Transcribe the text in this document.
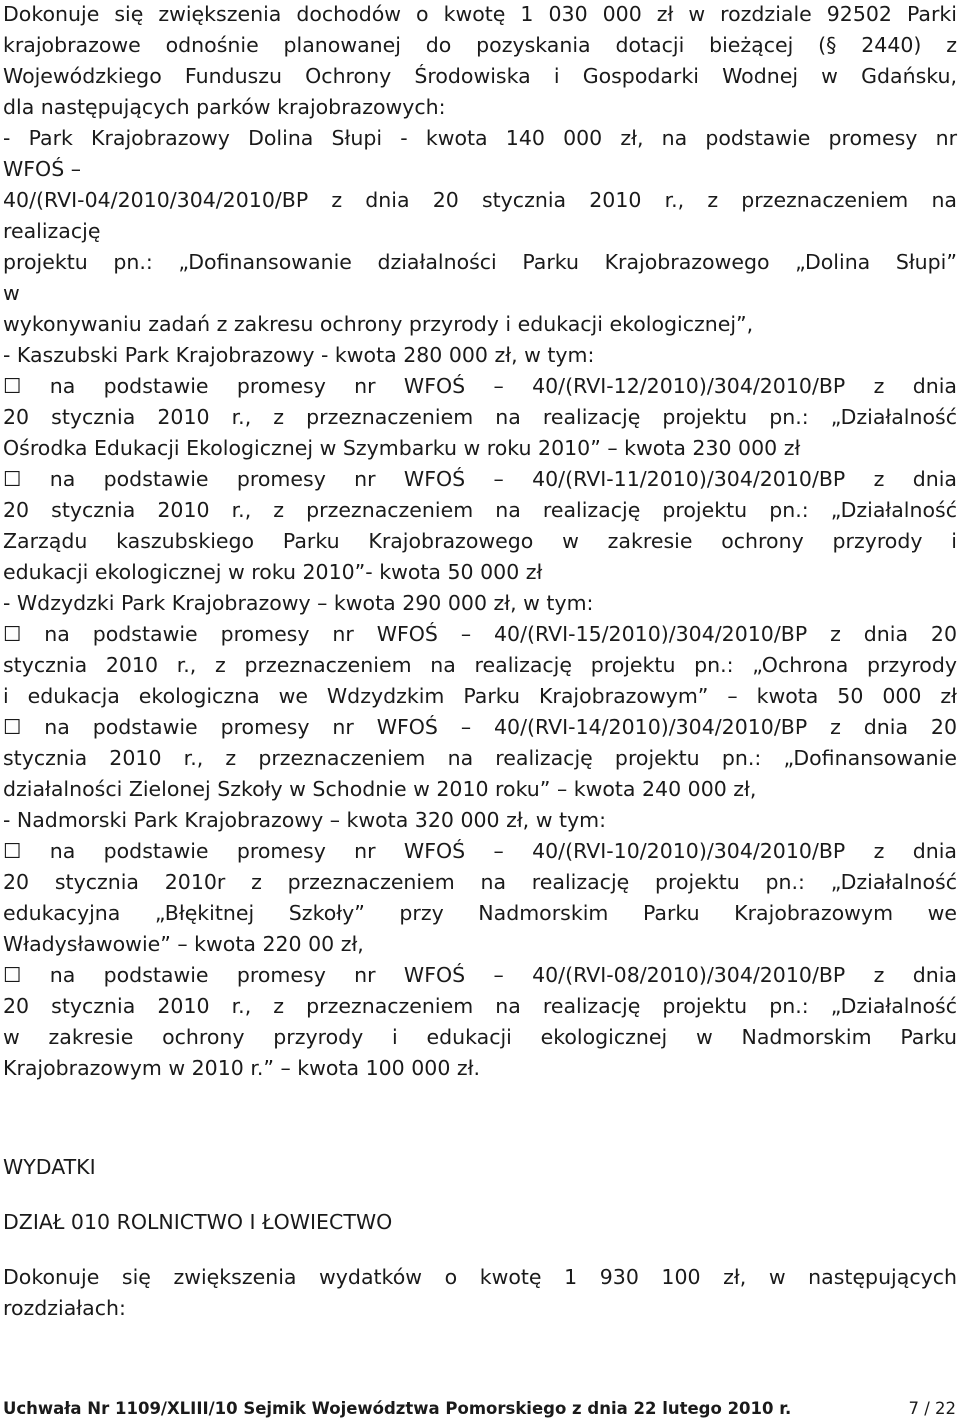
Dokonuje się zwiększenia dochodów o kwotę 1 030 000 zł w rozdziale 92502 Parki
krajobrazowe odnośnie planowanej do pozyskania dotacji bieżącej (§ 2440) z
Wojewódzkiego Funduszu Ochrony Środowiska i Gospodarki Wodnej w Gdańsku,
dla następujących parków krajobrazowych:
- Park Krajobrazowy Dolina Słupi - kwota 140 000 zł, na podstawie promesy nr
WFOŚ –
40/(RVI-04/2010/304/2010/BP z dnia 20 stycznia 2010 r., z przeznaczeniem na
realizację
projektu pn.: „Dofinansowanie działalności Parku Krajobrazowego „Dolina Słupi”
w
wykonywaniu zadań z zakresu ochrony przyrody i edukacji ekologicznej”,
- Kaszubski Park Krajobrazowy - kwota 280 000 zł, w tym:
☐ na podstawie promesy nr WFOŚ – 40/(RVI-12/2010)/304/2010/BP z dnia
20 stycznia 2010 r., z przeznaczeniem na realizację projektu pn.: „Działalność
Ośrodka Edukacji Ekologicznej w Szymbarku w roku 2010” – kwota 230 000 zł
☐ na podstawie promesy nr WFOŚ – 40/(RVI-11/2010)/304/2010/BP z dnia
20 stycznia 2010 r., z przeznaczeniem na realizację projektu pn.: „Działalność
Zarządu kaszubskiego Parku Krajobrazowego w zakresie ochrony przyrody i
edukacji ekologicznej w roku 2010”- kwota 50 000 zł
- Wdzydzki Park Krajobrazowy – kwota 290 000 zł, w tym:
☐ na podstawie promesy nr WFOŚ – 40/(RVI-15/2010)/304/2010/BP z dnia 20
stycznia 2010 r., z przeznaczeniem na realizację projektu pn.: „Ochrona przyrody
i edukacja ekologiczna we Wdzydzkim Parku Krajobrazowym” – kwota 50 000 zł
☐ na podstawie promesy nr WFOŚ – 40/(RVI-14/2010)/304/2010/BP z dnia 20
stycznia 2010 r., z przeznaczeniem na realizację projektu pn.: „Dofinansowanie
działalności Zielonej Szkoły w Schodnie w 2010 roku” – kwota 240 000 zł,
- Nadmorski Park Krajobrazowy – kwota 320 000 zł, w tym:
☐ na podstawie promesy nr WFOŚ – 40/(RVI-10/2010)/304/2010/BP z dnia
20 stycznia 2010r z przeznaczeniem na realizację projektu pn.: „Działalność
edukacyjna „Błękitnej Szkoły” przy Nadmorskim Parku Krajobrazowym we
Władysławowie” – kwota 220 00 zł,
☐ na podstawie promesy nr WFOŚ – 40/(RVI-08/2010)/304/2010/BP z dnia
20 stycznia 2010 r., z przeznaczeniem na realizację projektu pn.: „Działalność
w zakresie ochrony przyrody i edukacji ekologicznej w Nadmorskim Parku
Krajobrazowym w 2010 r.” – kwota 100 000 zł.
WYDATKI
DZIAŁ 010 ROLNICTWO I ŁOWIECTWO
Dokonuje się zwiększenia wydatków o kwotę 1 930 100 zł, w następujących
rozdziałach:
Uchwała Nr 1109/XLIII/10 Sejmik Województwa Pomorskiego z dnia 22 lutego 2010 r.	7 / 22
